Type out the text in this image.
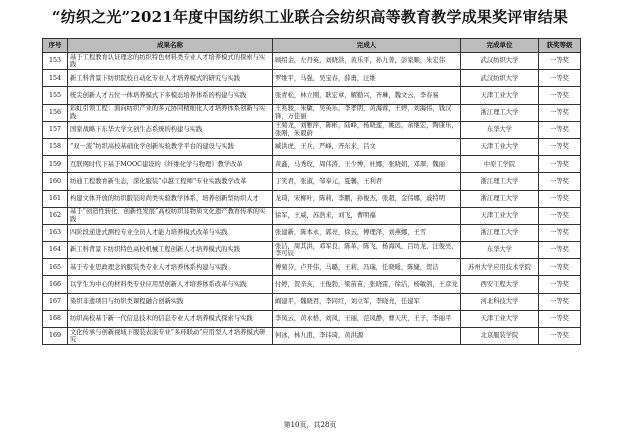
“纺织之光”2021年度中国纺织工业联合会纺织高等教育教学成果奖评审结果
序号	成果名称	完成人	完成单位	获奖等级
153	基于工程教育认证理念的纺织特色材料类专业人才培养模式的探索与实践	顾绍金，左丹英，刘晓洪，黄乐平，孙九菁，彭家顺，朱宏伟	武汉纺织大学	一等奖
154	新工科背景下纺织院校自动化专业人才培养模式的研究与实践	罗维平，马强，吴宝春，薛勇，汪维	武汉纺织大学	一等奖
155	统尖创新人才五位一体培养模式下多模态培养体系的构建与实践	张青松，林立刚，耿宏章，解勤兴，齐琳，魏文云，李春易	天津工业大学	一等奖
156	彩虹引领工程：面向纺织产业的多元协同精细化人才培养体系创新与实践	王兆骏，朱敏，吴英乐，李孝明，黄海蓉，王婷，刘海伟，钱汉锋，万佳丽	浙江理工大学	一等奖
157	国家战略下东华大学文创生态系统的构建与实践	王菊龙，刘雅萍，陈彬，陆峰，杨晓莲，姚远，余继宏，陶康乐，张刚，朱毅蔚	东华大学	一等奖
158	“双一流”纺织高校基础化学创新实验教学平台的建设与实践	臧洪虎，王兵，严峰，齐东来，吕文	天津工业大学	一等奖
159	互联网时代下基于MOOC建设的《纤维化学与物理》教学改革	黄鑫，马秀玫，周伟涛，王少博，杜娜，张晓娟，邓翠，魏丽	中原工学院	一等奖
160	纺通工程教育新生态，深化服装“卓越工程师”专业实践教学改革	丁笑君，张淑，邹奉元，夏馨，王利君	浙江理工大学	一等奖
161	构建文体开放的纺织服装时尚类实验教学体系，培养创新型纺织人才	龙琦，宋柳叶，陈莉，李鹏，孙俊杰，张超，金伟娜，戚特明	浙江理工大学	一等奖
162	基于“创造性转化、创新性发展”高校纺织非物质文化遗产教育传承的实践	徐军，王威，苏浩来，刘飞，曹明福	天津工业大学	一等奖
163	四阶段递进式测控专业全员人才能力培养模式改革与实践	张建新，陈本永，郭亮，徐云，傅理泽，刘燕娜，王雪	浙江理工大学	一等奖
164	新工科背景下纺织特色高校机械工程创新人才培养模式的实践	张洁，周其洪，邓军良，陈革，陈飞，杨海风，吕坊龙，汪俊亮，李可辰	东华大学	一等奖
165	基于专业思政理念的服装类专业人才培养体系构建与实践	傅菊芬，卢开伟，马璐，王莉，冯瑞，任晓暖，陈婕，贺洁	苏州大学应用技术学院	一等奖
166	以学生为中心的材料类专业应用型创新人才培养体系改革与实践	付婷，贺辛亥，王俊勃，梁苗苗，张晓雷，徐洁，杨敏鸽，王彦龙	西安工程大学	一等奖
167	染织非遗项目与纺织类课程融合创新实践	阚建平，魏晓君，李同红，刘立军，李晓亮，任建军	河北科技大学	一等奖
168	纺织高校基于新一代信息技术的信息专业人才培养模式探索与实践	李凤云，黄永格，刘凤，王丽，范凤静，曹天庆，王子，李丽平	天津工业大学	一等奖
169	文化传承与创新视域下服装表演专业“多环联动”应用型人才培养模式研究	何冰，林九甫，李玮琦，黄洪源	北京服装学院	一等奖
第10页，共28页
